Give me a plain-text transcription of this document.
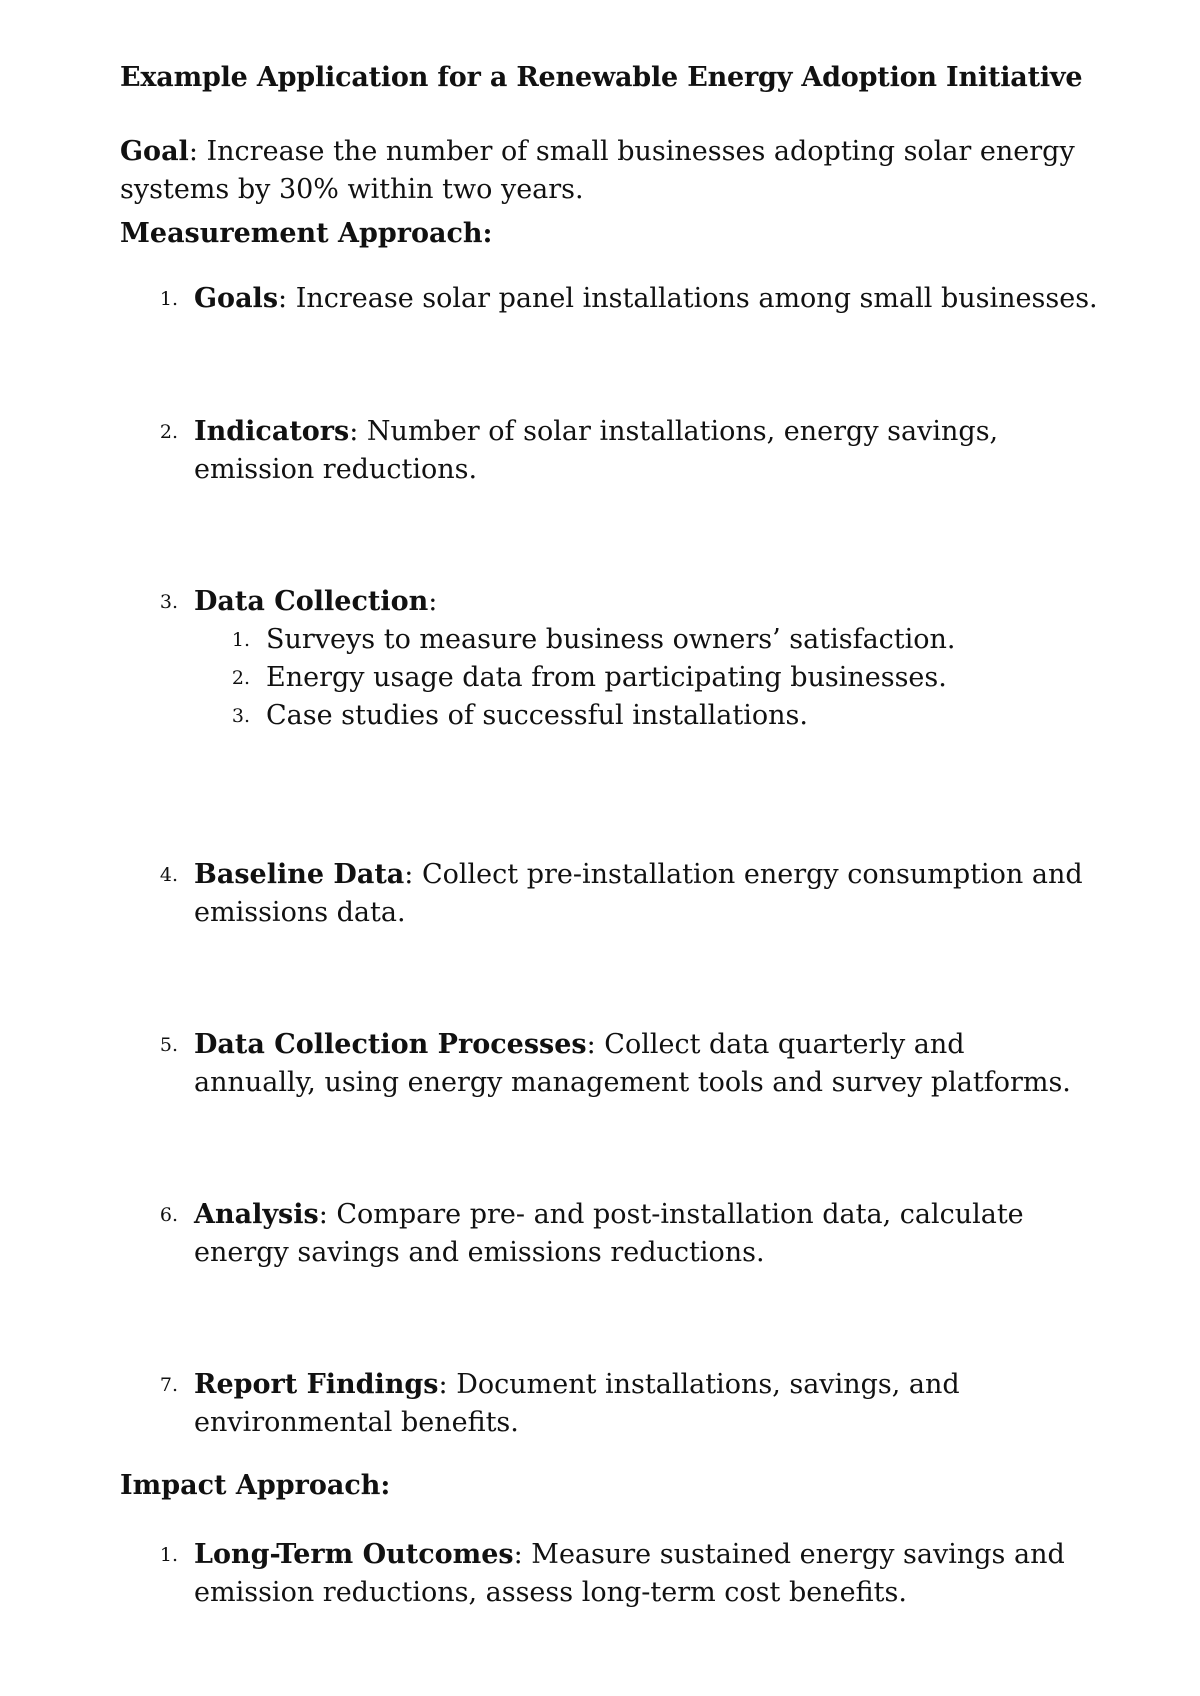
Example Application for a Renewable Energy Adoption Initiative

Goal: Increase the number of small businesses adopting solar energy systems by 30% within two years.

Measurement Approach:
1. Goals: Increase solar panel installations among small businesses.
2. Indicators: Number of solar installations, energy savings, emission reductions.
3. Data Collection:
1. Surveys to measure business owners’ satisfaction.
2. Energy usage data from participating businesses.
3. Case studies of successful installations.
4. Baseline Data: Collect pre-installation energy consumption and emissions data.
5. Data Collection Processes: Collect data quarterly and annually, using energy management tools and survey platforms.
6. Analysis: Compare pre- and post-installation data, calculate energy savings and emissions reductions.
7. Report Findings: Document installations, savings, and environmental benefits.
Impact Approach:
1. Long-Term Outcomes: Measure sustained energy savings and emission reductions, assess long-term cost benefits.
